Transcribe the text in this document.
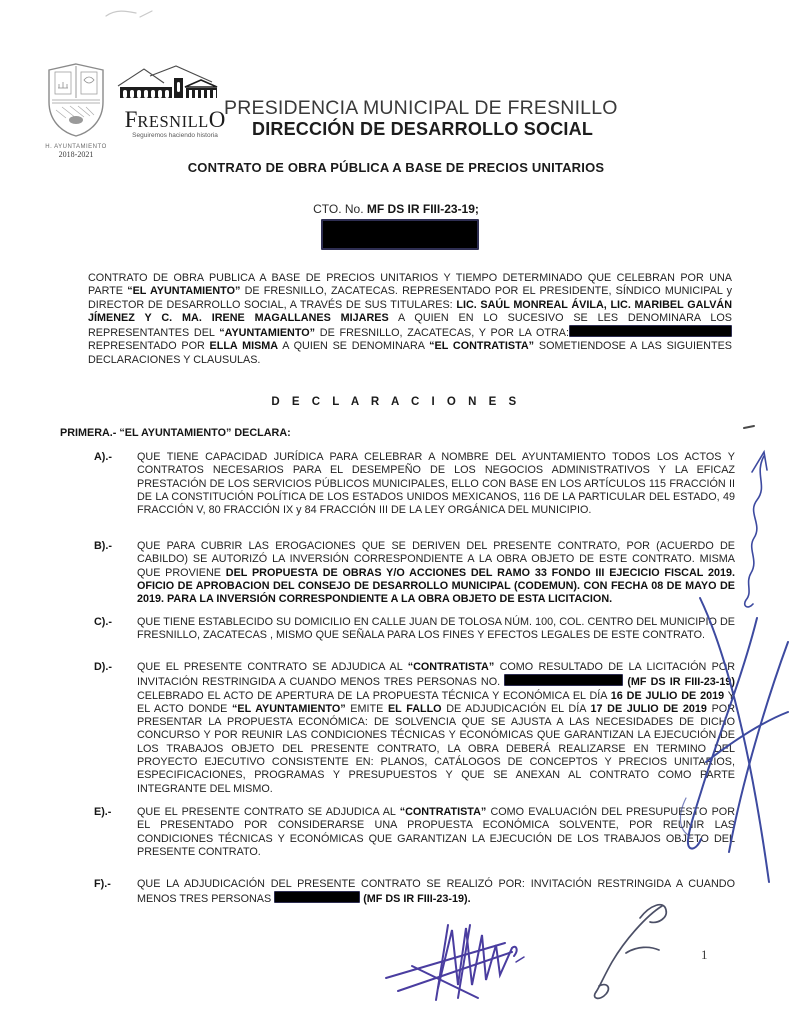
H. AYUNTAMIENTO
2018-2021
FRESNILLO
Seguiremos haciendo historia
PRESIDENCIA MUNICIPAL DE FRESNILLO
DIRECCIÓN DE DESARROLLO SOCIAL
CONTRATO DE OBRA PÚBLICA A BASE DE PRECIOS UNITARIOS
CTO. No. MF DS IR FIII-23-19;
CONTRATO DE OBRA PUBLICA A BASE DE PRECIOS UNITARIOS Y TIEMPO DETERMINADO QUE CELEBRAN POR UNA PARTE “EL AYUNTAMIENTO” DE FRESNILLO, ZACATECAS. REPRESENTADO POR EL PRESIDENTE, SÍNDICO MUNICIPAL y DIRECTOR DE DESARROLLO SOCIAL, A TRAVÉS DE SUS TITULARES: LIC. SAÚL MONREAL ÁVILA, LIC. MARIBEL GALVÁN JÍMENEZ Y C. MA. IRENE MAGALLANES MIJARES A QUIEN EN LO SUCESIVO SE LES DENOMINARA LOS REPRESENTANTES DEL “AYUNTAMIENTO” DE FRESNILLO, ZACATECAS, Y POR LA OTRA: REPRESENTADO POR ELLA MISMA A QUIEN SE DENOMINARA “EL CONTRATISTA” SOMETIENDOSE A LAS SIGUIENTES DECLARACIONES Y CLAUSULAS.
D E C L A R A C I O N E S
PRIMERA.- “EL AYUNTAMIENTO” DECLARA:
A).- QUE TIENE CAPACIDAD JURÍDICA PARA CELEBRAR A NOMBRE DEL AYUNTAMIENTO TODOS LOS ACTOS Y CONTRATOS NECESARIOS PARA EL DESEMPEÑO DE LOS NEGOCIOS ADMINISTRATIVOS Y LA EFICAZ PRESTACIÓN DE LOS SERVICIOS PÚBLICOS MUNICIPALES, ELLO CON BASE EN LOS ARTÍCULOS 115 FRACCIÓN II DE LA CONSTITUCIÓN POLÍTICA DE LOS ESTADOS UNIDOS MEXICANOS, 116 DE LA PARTICULAR DEL ESTADO, 49 FRACCIÓN V, 80 FRACCIÓN IX y 84 FRACCIÓN III DE LA LEY ORGÁNICA DEL MUNICIPIO.
B).- QUE PARA CUBRIR LAS EROGACIONES QUE SE DERIVEN DEL PRESENTE CONTRATO, POR (ACUERDO DE CABILDO) SE AUTORIZÓ LA INVERSIÓN CORRESPONDIENTE A LA OBRA OBJETO DE ESTE CONTRATO. MISMA QUE PROVIENE DEL PROPUESTA DE OBRAS Y/O ACCIONES DEL RAMO 33 FONDO III EJECICIO FISCAL 2019. OFICIO DE APROBACION DEL CONSEJO DE DESARROLLO MUNICIPAL (CODEMUN). CON FECHA 08 DE MAYO DE 2019. PARA LA INVERSIÓN CORRESPONDIENTE A LA OBRA OBJETO DE ESTA LICITACION.
C).- QUE TIENE ESTABLECIDO SU DOMICILIO EN CALLE JUAN DE TOLOSA NÚM. 100, COL. CENTRO DEL MUNICIPIO DE FRESNILLO, ZACATECAS , MISMO QUE SEÑALA PARA LOS FINES Y EFECTOS LEGALES DE ESTE CONTRATO.
D).- QUE EL PRESENTE CONTRATO SE ADJUDICA AL “CONTRATISTA” COMO RESULTADO DE LA LICITACIÓN POR INVITACIÓN RESTRINGIDA A CUANDO MENOS TRES PERSONAS NO.	(MF DS IR FIII-23-19) CELEBRADO EL ACTO DE APERTURA DE LA PROPUESTA TÉCNICA Y ECONÓMICA EL DÍA 16 DE JULIO DE 2019 Y EL ACTO DONDE “EL AYUNTAMIENTO” EMITE EL FALLO DE ADJUDICACIÓN EL DÍA 17 DE JULIO DE 2019 POR PRESENTAR LA PROPUESTA ECONÓMICA: DE SOLVENCIA QUE SE AJUSTA A LAS NECESIDADES DE DICHO CONCURSO Y POR REUNIR LAS CONDICIONES TÉCNICAS Y ECONÓMICAS QUE GARANTIZAN LA EJECUCIÓN DE LOS TRABAJOS OBJETO DEL PRESENTE CONTRATO, LA OBRA DEBERÁ REALIZARSE EN TERMINO DEL PROYECTO EJECUTIVO CONSISTENTE EN: PLANOS, CATÁLOGOS DE CONCEPTOS Y PRECIOS UNITARIOS, ESPECIFICACIONES, PROGRAMAS Y PRESUPUESTOS Y QUE SE ANEXAN AL CONTRATO COMO PARTE INTEGRANTE DEL MISMO.
E).- QUE EL PRESENTE CONTRATO SE ADJUDICA AL “CONTRATISTA” COMO EVALUACIÓN DEL PRESUPUESTO POR EL PRESENTADO POR CONSIDERARSE UNA PROPUESTA ECONÓMICA SOLVENTE, POR REUNIR LAS CONDICIONES TÉCNICAS Y ECONÓMICAS QUE GARANTIZAN LA EJECUCIÓN DE LOS TRABAJOS OBJETO DEL PRESENTE CONTRATO.
F).- QUE LA ADJUDICACIÓN DEL PRESENTE CONTRATO SE REALIZÓ POR: INVITACIÓN RESTRINGIDA A CUANDO MENOS TRES PERSONAS	(MF DS IR FIII-23-19).
1
